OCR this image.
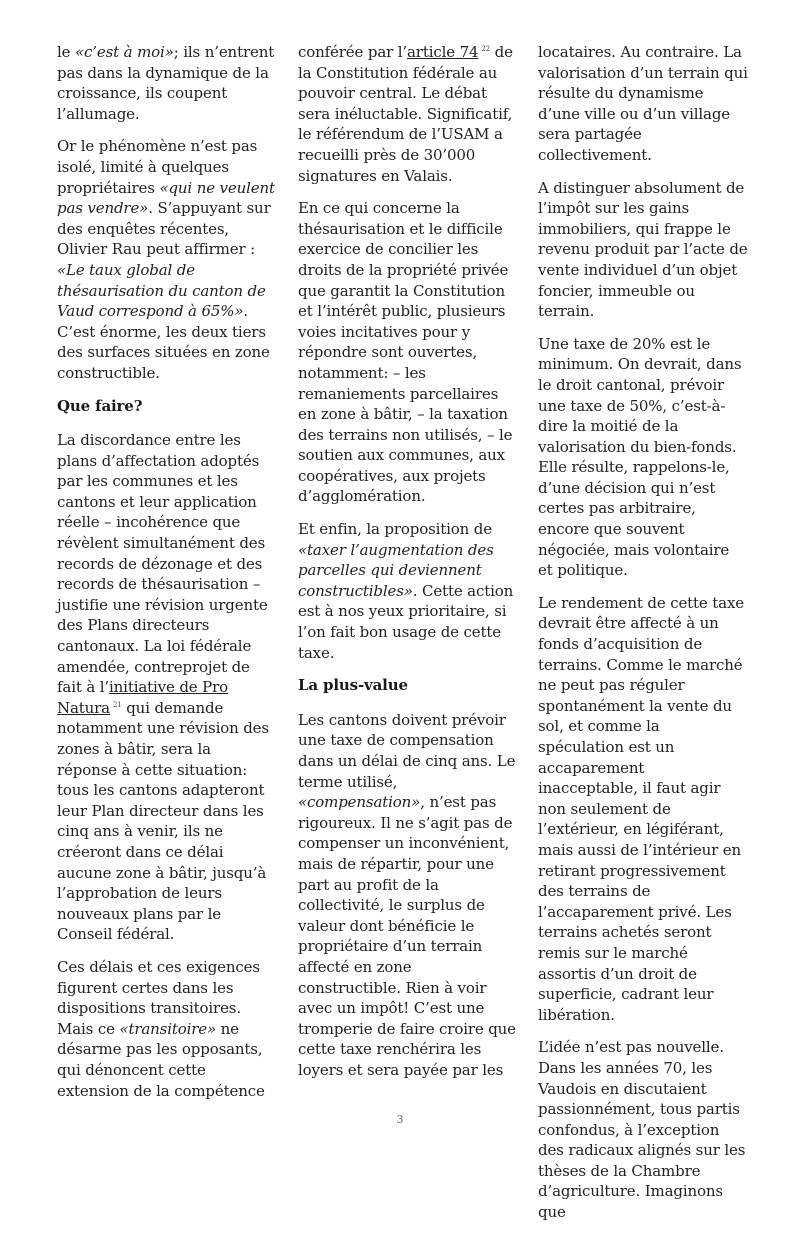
le «c’est à moi»; ils n’entrent pas dans la dynamique de la croissance, ils coupent l’allumage.

Or le phénomène n’est pas isolé, limité à quelques propriétaires «qui ne veulent pas vendre». S’appuyant sur des enquêtes récentes, Olivier Rau peut affirmer : «Le taux global de thésaurisation du canton de Vaud correspond à 65%». C’est énorme, les deux tiers des surfaces situées en zone constructible.

Que faire?

La discordance entre les plans d’affectation adoptés par les communes et les cantons et leur application réelle – incohérence que révèlent simultanément des records de dézonage et des records de thésaurisation – justifie une révision urgente des Plans directeurs cantonaux. La loi fédérale amendée, contreprojet de fait à l’initiative de Pro Natura $^{21}$ qui demande notamment une révision des zones à bâtir, sera la réponse à cette situation: tous les cantons adapteront leur Plan directeur dans les cinq ans à venir, ils ne créeront dans ce délai aucune zone à bâtir, jusqu’à l’approbation de leurs nouveaux plans par le Conseil fédéral.

Ces délais et ces exigences figurent certes dans les dispositions transitoires. Mais ce «transitoire» ne désarme pas les opposants, qui dénoncent cette extension de la compétence

conférée par l’article 74 $^{22}$ de la Constitution fédérale au pouvoir central. Le débat sera inéluctable. Significatif, le référendum de l’USAM a recueilli près de 30’000 signatures en Valais.

En ce qui concerne la thésaurisation et le difficile exercice de concilier les droits de la propriété privée que garantit la Constitution et l’intérêt public, plusieurs voies incitatives pour y répondre sont ouvertes, notamment: – les remaniements parcellaires en zone à bâtir, – la taxation des terrains non utilisés, – le soutien aux communes, aux coopératives, aux projets d’agglomération.

Et enfin, la proposition de «taxer l’augmentation des parcelles qui deviennent constructibles». Cette action est à nos yeux prioritaire, si l’on fait bon usage de cette taxe.

La plus-value

Les cantons doivent prévoir une taxe de compensation dans un délai de cinq ans. Le terme utilisé, «compensation», n’est pas rigoureux. Il ne s’agit pas de compenser un inconvénient, mais de répartir, pour une part au profit de la collectivité, le surplus de valeur dont bénéficie le propriétaire d’un terrain affecté en zone constructible. Rien à voir avec un impôt! C’est une tromperie de faire croire que cette taxe renchérira les loyers et sera payée par les

locataires. Au contraire. La valorisation d’un terrain qui résulte du dynamisme d’une ville ou d’un village sera partagée collectivement.

A distinguer absolument de l’impôt sur les gains immobiliers, qui frappe le revenu produit par l’acte de vente individuel d’un objet foncier, immeuble ou terrain.

Une taxe de 20% est le minimum. On devrait, dans le droit cantonal, prévoir une taxe de 50%, c’est-à-dire la moitié de la valorisation du bien-fonds. Elle résulte, rappelons-le, d’une décision qui n’est certes pas arbitraire, encore que souvent négociée, mais volontaire et politique.

Le rendement de cette taxe devrait être affecté à un fonds d’acquisition de terrains. Comme le marché ne peut pas réguler spontanément la vente du sol, et comme la spéculation est un accaparement inacceptable, il faut agir non seulement de l’extérieur, en légiférant, mais aussi de l’intérieur en retirant progressivement des terrains de l’accaparement privé. Les terrains achetés seront remis sur le marché assortis d’un droit de superficie, cadrant leur libération.

L’idée n’est pas nouvelle. Dans les années 70, les Vaudois en discutaient passionnément, tous partis confondus, à l’exception des radicaux alignés sur les thèses de la Chambre d’agriculture. Imaginons que

3
